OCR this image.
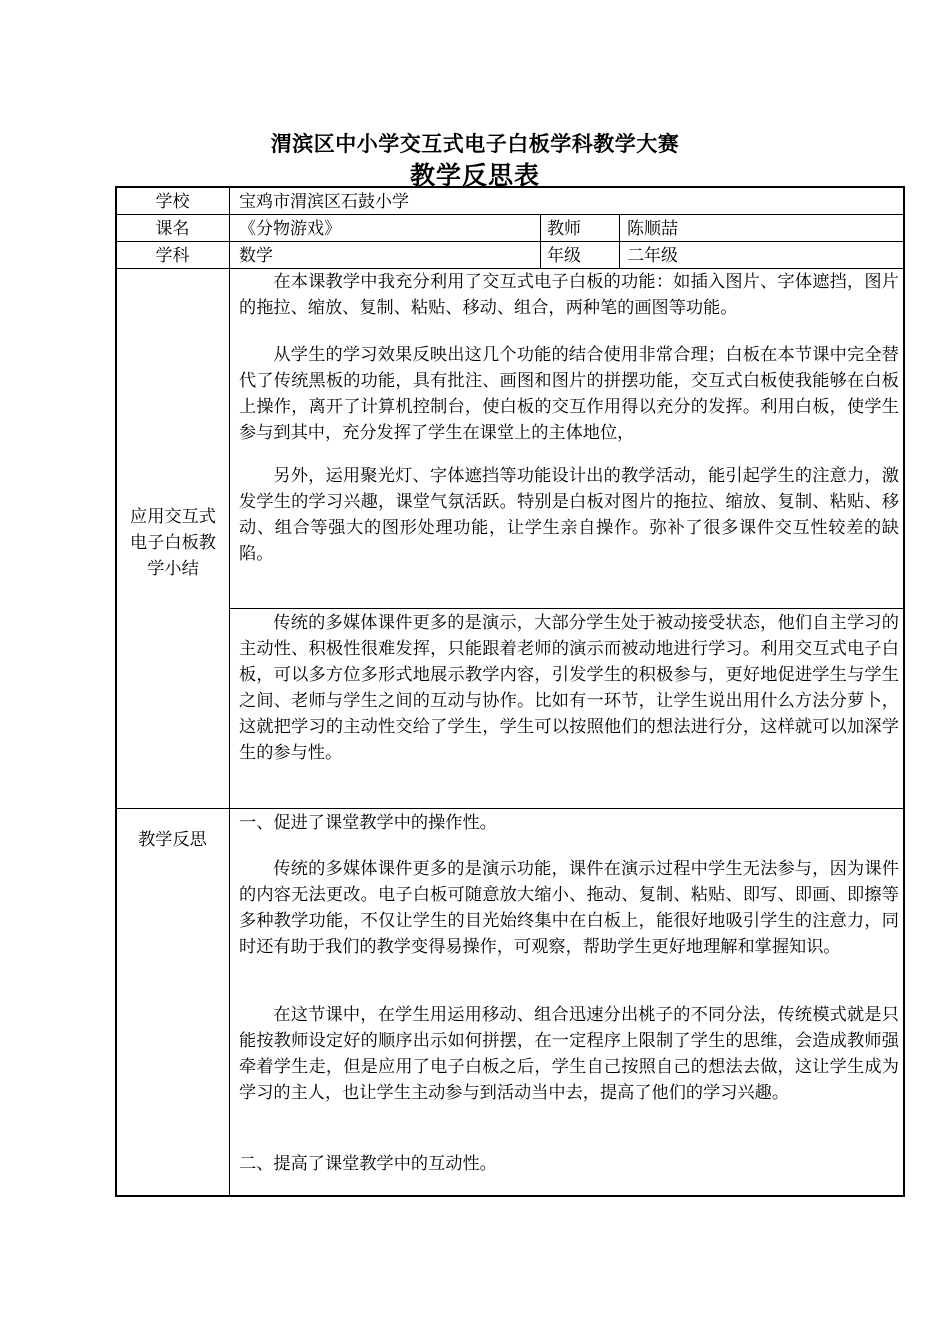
渭滨区中小学交互式电子白板学科教学大赛
教学反思表
学校	宝鸡市渭滨区石鼓小学
课名	《分物游戏》	教师	陈顺喆
学科	数学	年级	二年级
应用交互式电子白板教学小结
在本课教学中我充分利用了交互式电子白板的功能：如插入图片、字体遮挡，图片的拖拉、缩放、复制、粘贴、移动、组合，两种笔的画图等功能。
从学生的学习效果反映出这几个功能的结合使用非常合理；白板在本节课中完全替代了传统黑板的功能，具有批注、画图和图片的拼摆功能，交互式白板使我能够在白板上操作，离开了计算机控制台，使白板的交互作用得以充分的发挥。利用白板，使学生参与到其中，充分发挥了学生在课堂上的主体地位，
另外，运用聚光灯、字体遮挡等功能设计出的教学活动，能引起学生的注意力，激发学生的学习兴趣，课堂气氛活跃。特别是白板对图片的拖拉、缩放、复制、粘贴、移动、组合等强大的图形处理功能，让学生亲自操作。弥补了很多课件交互性较差的缺陷。
传统的多媒体课件更多的是演示，大部分学生处于被动接受状态，他们自主学习的主动性、积极性很难发挥，只能跟着老师的演示而被动地进行学习。利用交互式电子白板，可以多方位多形式地展示教学内容，引发学生的积极参与，更好地促进学生与学生之间、老师与学生之间的互动与协作。比如有一环节，让学生说出用什么方法分萝卜，这就把学习的主动性交给了学生，学生可以按照他们的想法进行分，这样就可以加深学生的参与性。
教学反思
一、促进了课堂教学中的操作性。
传统的多媒体课件更多的是演示功能，课件在演示过程中学生无法参与，因为课件的内容无法更改。电子白板可随意放大缩小、拖动、复制、粘贴、即写、即画、即擦等多种教学功能，不仅让学生的目光始终集中在白板上，能很好地吸引学生的注意力，同时还有助于我们的教学变得易操作，可观察，帮助学生更好地理解和掌握知识。
在这节课中，在学生用运用移动、组合迅速分出桃子的不同分法，传统模式就是只能按教师设定好的顺序出示如何拼摆，在一定程序上限制了学生的思维，会造成教师强牵着学生走，但是应用了电子白板之后，学生自己按照自己的想法去做，这让学生成为学习的主人，也让学生主动参与到活动当中去，提高了他们的学习兴趣。
二、提高了课堂教学中的互动性。
